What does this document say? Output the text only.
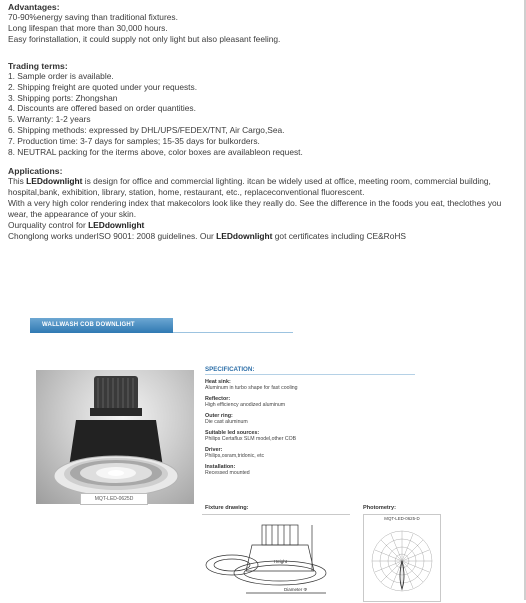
Advantages:
70-90%energy saving than traditional fixtures.
Long lifespan that more than 30,000 hours.
Easy forinstallation, it could supply not only light but also pleasant feeling.
Trading terms:
1. Sample order is available.
2. Shipping freight are quoted under your requests.
3. Shipping ports: Zhongshan
4. Discounts are offered based on order quantities.
5. Warranty: 1-2 years
6. Shipping methods: expressed by DHL/UPS/FEDEX/TNT, Air Cargo,Sea.
7. Production time: 3-7 days for samples; 15-35 days for bulkorders.
8. NEUTRAL packing for the iterms above, color boxes are availableon request.
Applications:
This LEDdownlight is design for office and commercial lighting. itcan be widely used at office, meeting room, commercial building, hospital,bank, exhibition, library, station, home, restaurant, etc., replaceconventional fluorescent.
With a very high color rendering index that makecolors look like they really do. See the difference in the foods you eat, theclothes you wear, the appearance of your skin.
Ourquality control for LEDdownlight
Chonglong works underISO 9001: 2008 guidelines. Our LEDdownlight got certificates including CE&RoHS
WALLWASH COB DOWNLIGHT
MQT-LED-0625D
SPECIFICATION:
Heat sink:
Aluminum in turbo shape for fast cooling
Reflector:
High efficiency anodized aluminum
Outer ring:
Die cast aluminum
Suitable led sources:
Philips Certaflux SLM model,other COB
Driver:
Philips,osram,tridonic, etc
Installation:
Recessed mounted
Fixture drawing:
Height
Diameter Φ
Photometry:
MQT-LED-0625-D
